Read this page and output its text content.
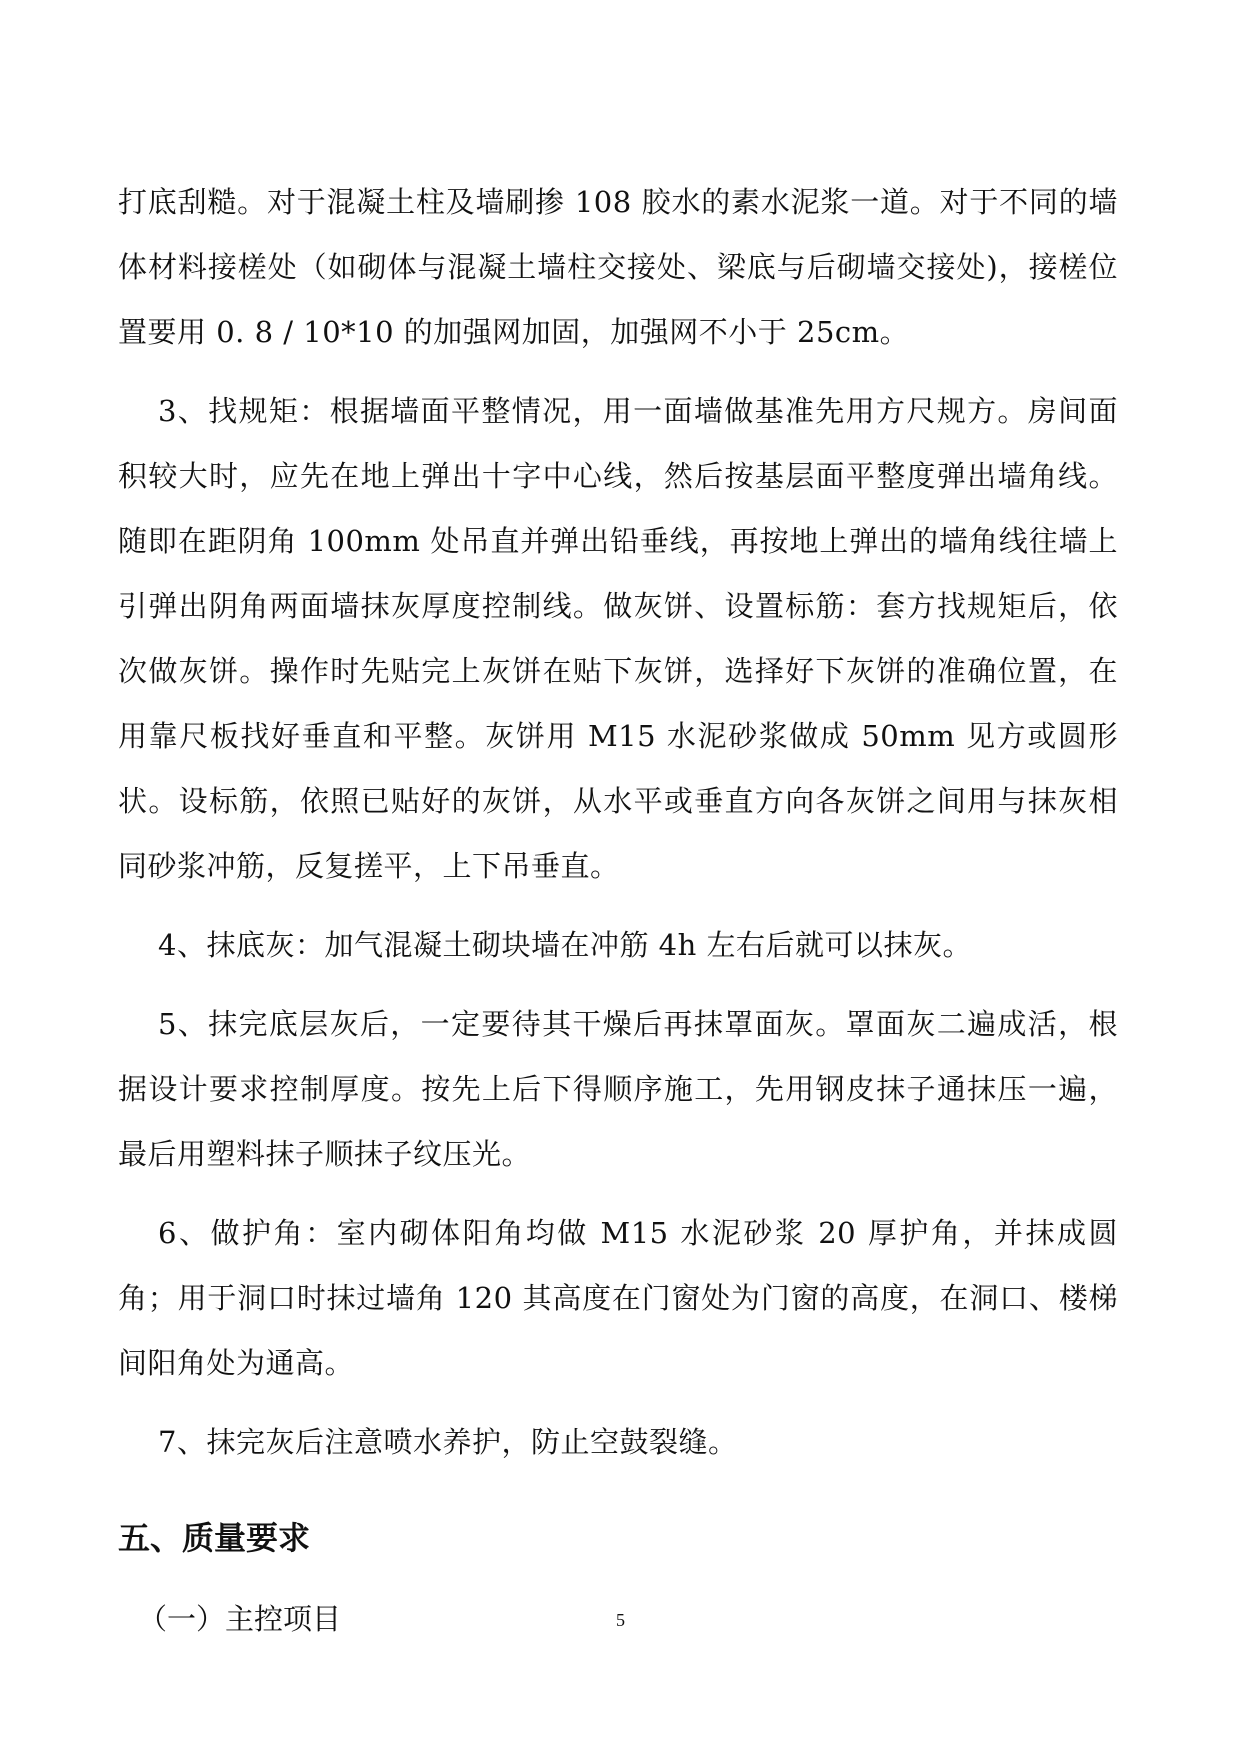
打底刮糙。对于混凝土柱及墙刷掺 108 胶水的素水泥浆一道。对于不同的墙体材料接槎处（如砌体与混凝土墙柱交接处、梁底与后砌墙交接处)，接槎位置要用 0. 8 / 10*10 的加强网加固，加强网不小于 25cm。

3、找规矩：根据墙面平整情况，用一面墙做基准先用方尺规方。房间面积较大时，应先在地上弹出十字中心线，然后按基层面平整度弹出墙角线。随即在距阴角 100mm 处吊直并弹出铅垂线，再按地上弹出的墙角线往墙上引弹出阴角两面墙抹灰厚度控制线。做灰饼、设置标筋：套方找规矩后，依次做灰饼。操作时先贴完上灰饼在贴下灰饼，选择好下灰饼的准确位置，在用靠尺板找好垂直和平整。灰饼用 M15 水泥砂浆做成 50mm 见方或圆形状。设标筋，依照已贴好的灰饼，从水平或垂直方向各灰饼之间用与抹灰相同砂浆冲筋，反复搓平，上下吊垂直。

4、抹底灰：加气混凝土砌块墙在冲筋 4h 左右后就可以抹灰。

5、抹完底层灰后，一定要待其干燥后再抹罩面灰。罩面灰二遍成活，根据设计要求控制厚度。按先上后下得顺序施工，先用钢皮抹子通抹压一遍，最后用塑料抹子顺抹子纹压光。

6、做护角：室内砌体阳角均做 M15 水泥砂浆 20 厚护角，并抹成圆角；用于洞口时抹过墙角 120 其高度在门窗处为门窗的高度，在洞口、楼梯间阳角处为通高。

7、抹完灰后注意喷水养护，防止空鼓裂缝。

五、质量要求

（一）主控项目	5
